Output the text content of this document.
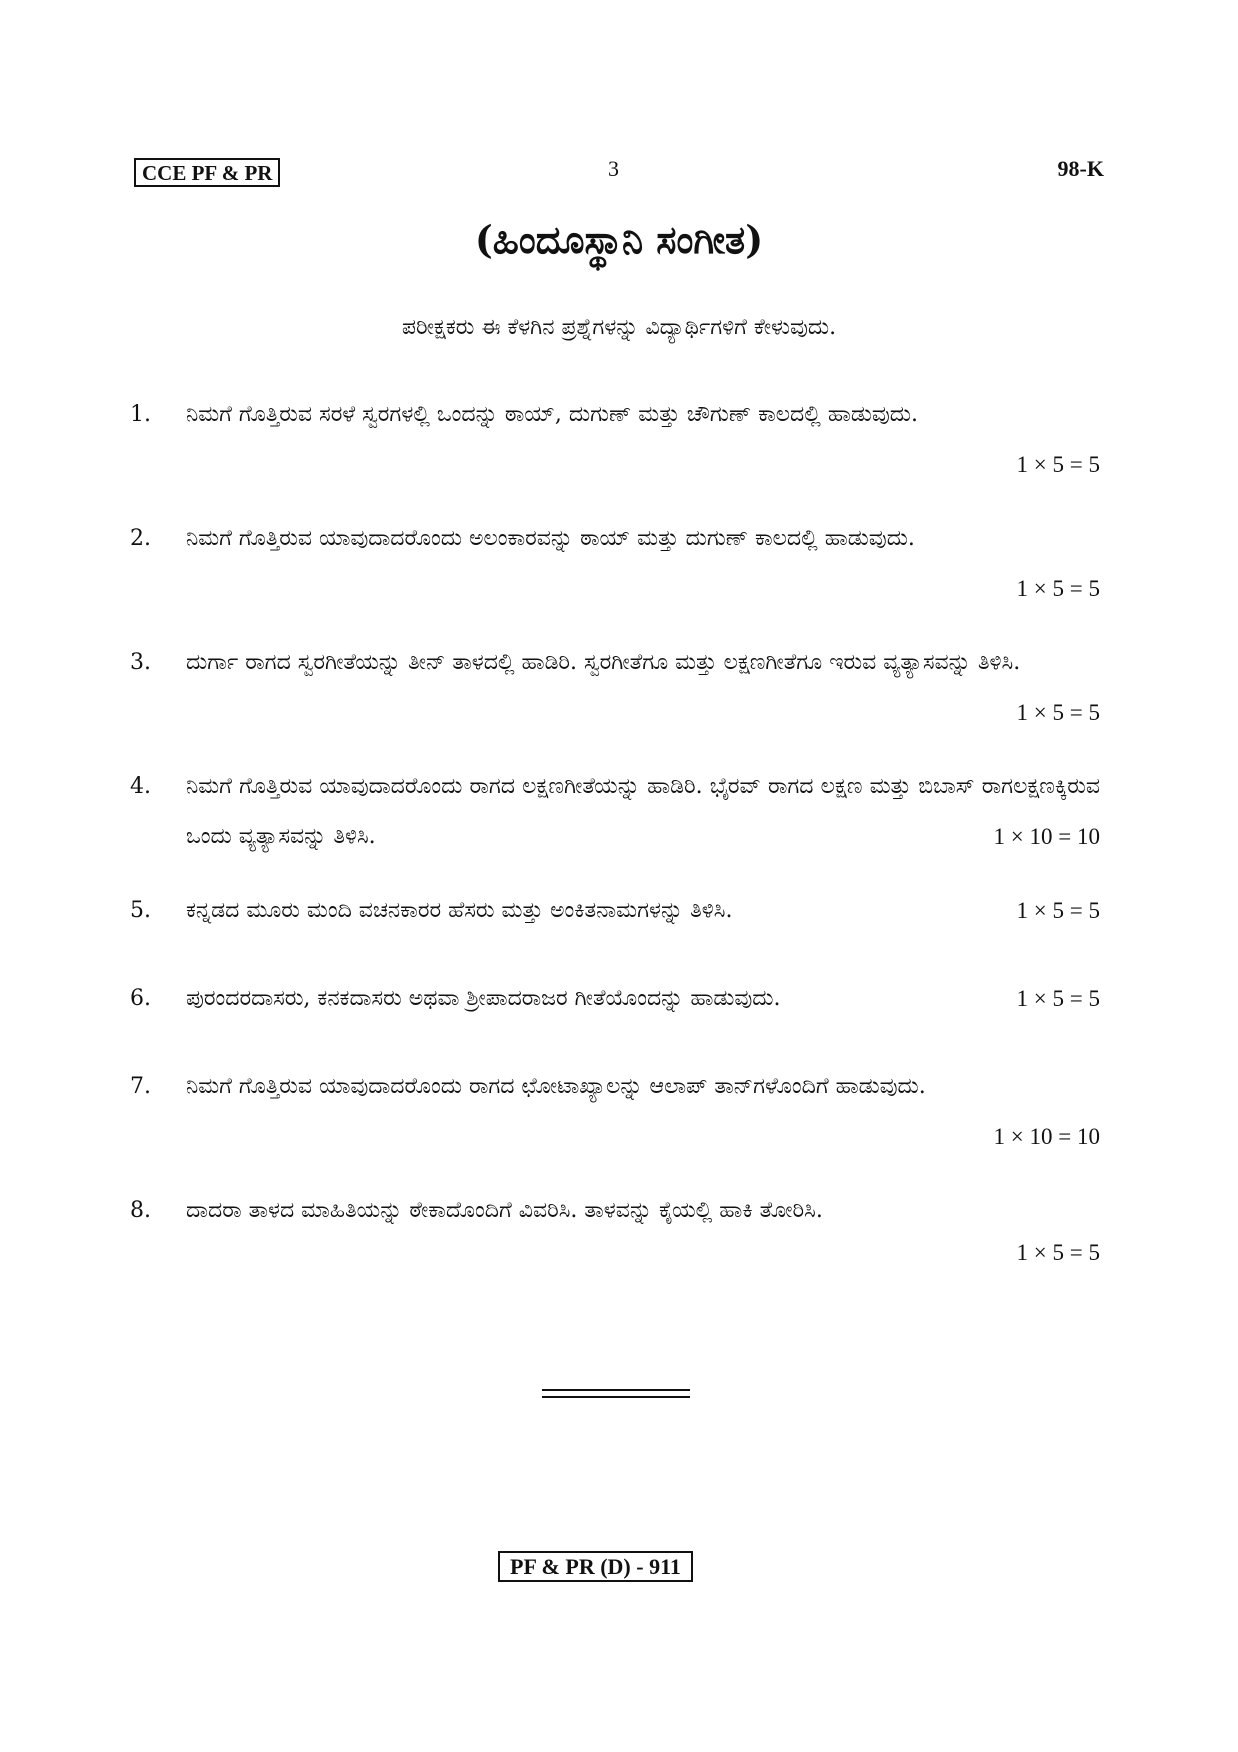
CCE PF & PR	3	98-K
(ಹಿಂದೂಸ್ಥಾನಿ ಸಂಗೀತ)
ಪರೀಕ್ಷಕರು ಈ ಕೆಳಗಿನ ಪ್ರಶ್ನೆಗಳನ್ನು ವಿದ್ಯಾರ್ಥಿಗಳಿಗೆ ಕೇಳುವುದು.
1. ನಿಮಗೆ ಗೊತ್ತಿರುವ ಸರಳೆ ಸ್ವರಗಳಲ್ಲಿ ಒಂದನ್ನು ಠಾಯ್, ದುಗುಣ್ ಮತ್ತು ಚೌಗುಣ್ ಕಾಲದಲ್ಲಿ ಹಾಡುವುದು.
1 × 5 = 5
2. ನಿಮಗೆ ಗೊತ್ತಿರುವ ಯಾವುದಾದರೊಂದು ಅಲಂಕಾರವನ್ನು ಠಾಯ್ ಮತ್ತು ದುಗುಣ್ ಕಾಲದಲ್ಲಿ ಹಾಡುವುದು.
1 × 5 = 5
3. ದುರ್ಗಾ ರಾಗದ ಸ್ವರಗೀತೆಯನ್ನು ತೀನ್ ತಾಳದಲ್ಲಿ ಹಾಡಿರಿ. ಸ್ವರಗೀತೆಗೂ ಮತ್ತು ಲಕ್ಷಣಗೀತೆಗೂ ಇರುವ ವ್ಯತ್ಯಾಸವನ್ನು ತಿಳಿಸಿ.
1 × 5 = 5
4. ನಿಮಗೆ ಗೊತ್ತಿರುವ ಯಾವುದಾದರೊಂದು ರಾಗದ ಲಕ್ಷಣಗೀತೆಯನ್ನು ಹಾಡಿರಿ. ಭೈರವ್ ರಾಗದ ಲಕ್ಷಣ ಮತ್ತು ಬಿಬಾಸ್ ರಾಗಲಕ್ಷಣಕ್ಕಿರುವ ಒಂದು ವ್ಯತ್ಯಾಸವನ್ನು ತಿಳಿಸಿ.	1 × 10 = 10
5. ಕನ್ನಡದ ಮೂರು ಮಂದಿ ವಚನಕಾರರ ಹೆಸರು ಮತ್ತು ಅಂಕಿತನಾಮಗಳನ್ನು ತಿಳಿಸಿ.	1 × 5 = 5
6. ಪುರಂದರದಾಸರು, ಕನಕದಾಸರು ಅಥವಾ ಶ್ರೀಪಾದರಾಜರ ಗೀತೆಯೊಂದನ್ನು ಹಾಡುವುದು.	1 × 5 = 5
7. ನಿಮಗೆ ಗೊತ್ತಿರುವ ಯಾವುದಾದರೊಂದು ರಾಗದ ಛೋಟಾಖ್ಯಾಲನ್ನು ಆಲಾಪ್ ತಾನ್‌ಗಳೊಂದಿಗೆ ಹಾಡುವುದು.
1 × 10 = 10
8. ದಾದರಾ ತಾಳದ ಮಾಹಿತಿಯನ್ನು ಠೇಕಾದೊಂದಿಗೆ ವಿವರಿಸಿ. ತಾಳವನ್ನು ಕೈಯಲ್ಲಿ ಹಾಕಿ ತೋರಿಸಿ.
1 × 5 = 5
PF & PR (D) - 911
